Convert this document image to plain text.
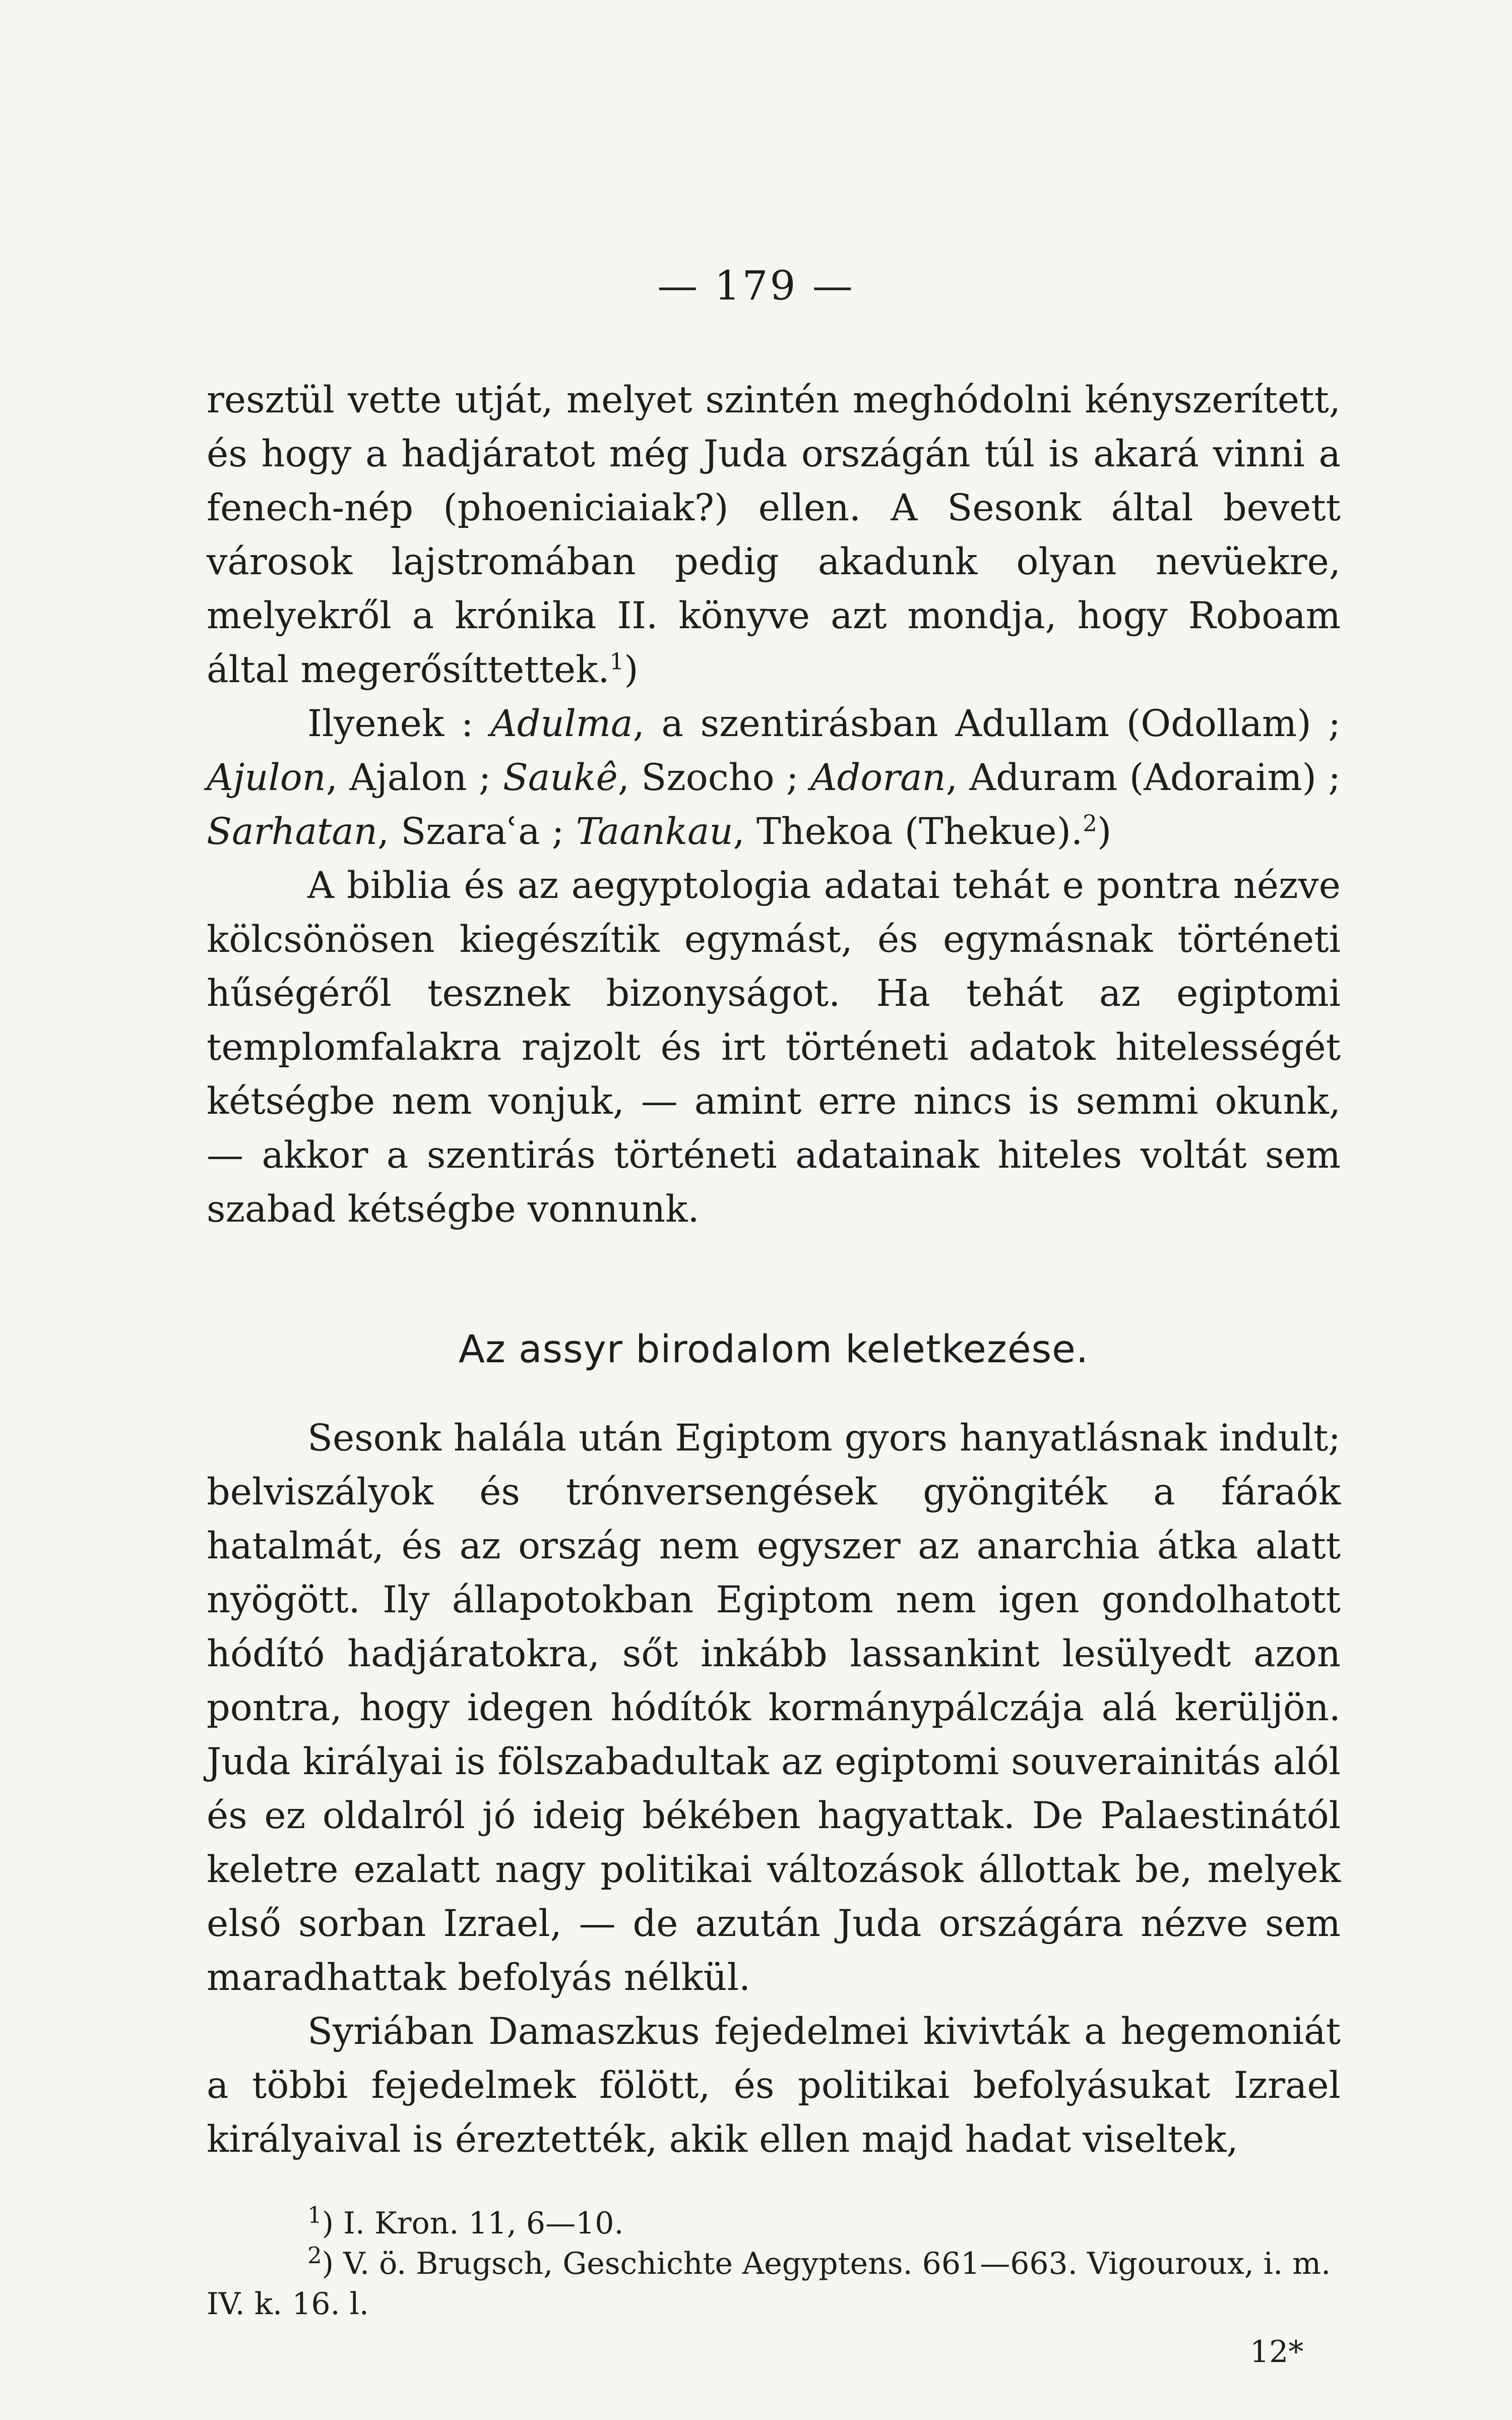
— 179 —

resztül vette utját, melyet szintén meghódolni kényszerített, és hogy a hadjáratot még Juda országán túl is akará vinni a fenech-nép (phoeniciaiak?) ellen. A Sesonk által bevett városok lajstromában pedig akadunk olyan nevüekre, melyekről a krónika II. könyve azt mondja, hogy Roboam által megerősíttettek.$^1$)

Ilyenek : Adulma, a szentirásban Adullam (Odollam) ; Ajulon, Ajalon ; Saukê, Szocho ; Adoran, Aduram (Adoraim) ; Sarhatan, Szaraʿa ; Taankau, Thekoa (Thekue).$^2$)

A biblia és az aegyptologia adatai tehát e pontra nézve kölcsönösen kiegészítik egymást, és egymásnak történeti hűségéről tesznek bizonyságot. Ha tehát az egiptomi templomfalakra rajzolt és irt történeti adatok hitelességét kétségbe nem vonjuk, — amint erre nincs is semmi okunk, — akkor a szentirás történeti adatainak hiteles voltát sem szabad kétségbe vonnunk.

Az assyr birodalom keletkezése.

Sesonk halála után Egiptom gyors hanyatlásnak indult; belviszályok és trónversengések gyöngiték a fáraók hatalmát, és az ország nem egyszer az anarchia átka alatt nyögött. Ily állapotokban Egiptom nem igen gondolhatott hódító hadjáratokra, sőt inkább lassankint lesülyedt azon pontra, hogy idegen hódítók kormánypálczája alá kerüljön. Juda királyai is fölszabadultak az egiptomi souverainitás alól és ez oldalról jó ideig békében hagyattak. De Palaestinától keletre ezalatt nagy politikai változások állottak be, melyek első sorban Izrael, — de azután Juda országára nézve sem maradhattak befolyás nélkül.

Syriában Damaszkus fejedelmei kivivták a hegemoniát a többi fejedelmek fölött, és politikai befolyásukat Izrael királyaival is éreztették, akik ellen majd hadat viseltek,

$^1$) I. Kron. 11, 6—10.
$^2$) V. ö. Brugsch, Geschichte Aegyptens. 661—663. Vigouroux, i. m. IV. k. 16. l.
12*
